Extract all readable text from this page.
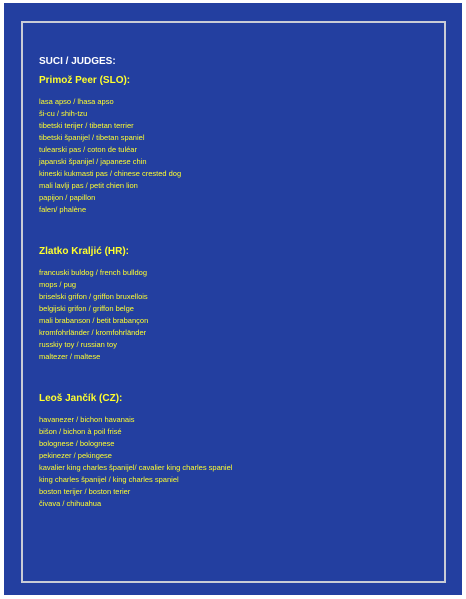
SUCI / JUDGES:
Primož Peer (SLO):
lasa apso / lhasa apso
ši-cu / shih-tzu
tibetski terijer / tibetan terrier
tibetski španijel / tibetan spaniel
tulearski pas / coton de tuléar
japanski španijel / japanese chin
kineski kukmasti pas / chinese crested dog
mali lavlji pas / petit chien lion
papijon / papillon
falen/ phalène
Zlatko Kraljić (HR):
francuski buldog / french bulldog
mops / pug
briselski grifon / griffon bruxellois
belgijski grifon / griffon belge
mali brabanson / betit brabançon
kromfohrländer / kromfohrländer
russkiy toy / russian toy
maltezer / maltese
Leoš Jančík (CZ):
havanezer / bichon havanais
bišon / bichon à poil frisé
bolognese / bolognese
pekinezer / pekingese
kavalier king charles španijel/ cavalier king charles spaniel
king charles španijel / king charles spaniel
boston terijer / boston terier
čivava / chihuahua
